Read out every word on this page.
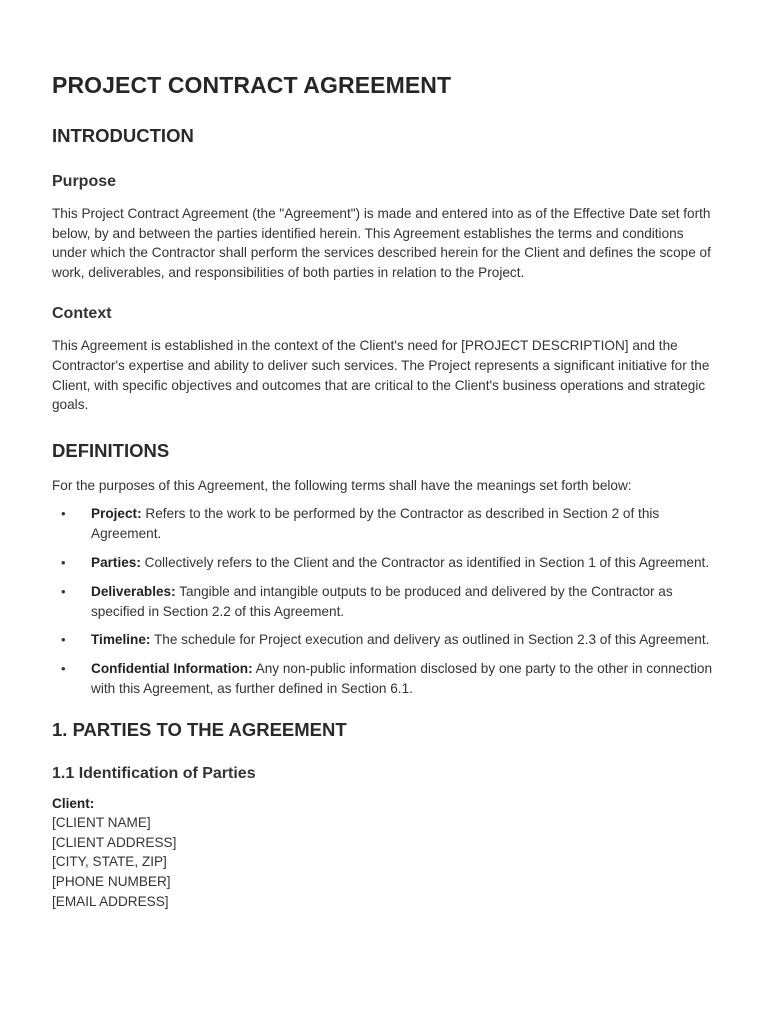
PROJECT CONTRACT AGREEMENT
INTRODUCTION
Purpose

This Project Contract Agreement (the "Agreement") is made and entered into as of the Effective Date set forth below, by and between the parties identified herein. This Agreement establishes the terms and conditions under which the Contractor shall perform the services described herein for the Client and defines the scope of work, deliverables, and responsibilities of both parties in relation to the Project.

Context

This Agreement is established in the context of the Client's need for [PROJECT DESCRIPTION] and the Contractor's expertise and ability to deliver such services. The Project represents a significant initiative for the Client, with specific objectives and outcomes that are critical to the Client's business operations and strategic goals.

DEFINITIONS

For the purposes of this Agreement, the following terms shall have the meanings set forth below:

• Project: Refers to the work to be performed by the Contractor as described in Section 2 of this Agreement.
• Parties: Collectively refers to the Client and the Contractor as identified in Section 1 of this Agreement.
• Deliverables: Tangible and intangible outputs to be produced and delivered by the Contractor as specified in Section 2.2 of this Agreement.
• Timeline: The schedule for Project execution and delivery as outlined in Section 2.3 of this Agreement.
• Confidential Information: Any non-public information disclosed by one party to the other in connection with this Agreement, as further defined in Section 6.1.
1. PARTIES TO THE AGREEMENT
1.1 Identification of Parties

Client:

[CLIENT NAME]

[CLIENT ADDRESS]

[CITY, STATE, ZIP]

[PHONE NUMBER]

[EMAIL ADDRESS]
